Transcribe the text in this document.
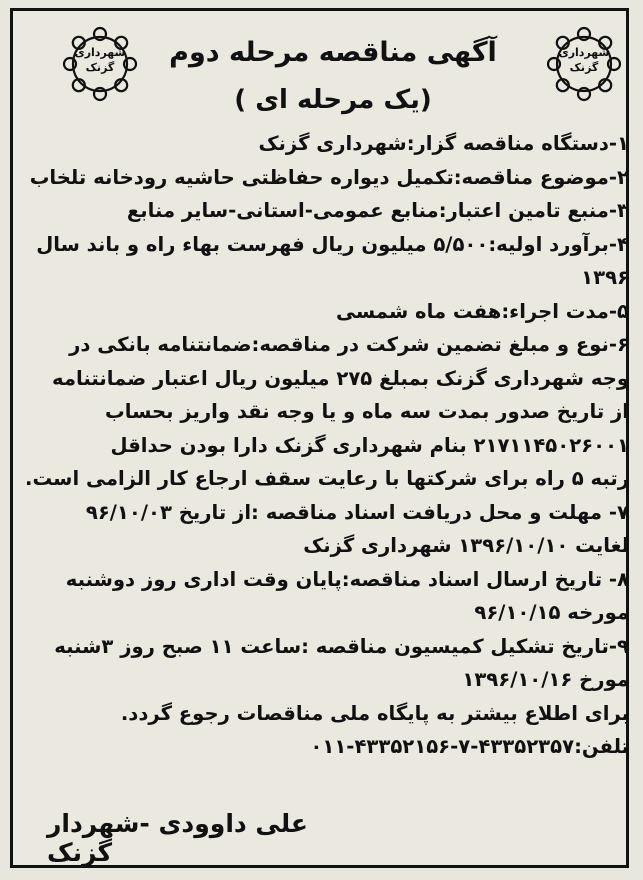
شهرداری
گزنک
شهرداری
گزنک
آگهی مناقصه مرحله دوم
(یک مرحله ای )
۱-دستگاه مناقصه گزار:شهرداری گزنک
۲-موضوع مناقصه:تکمیل دیواره حفاظتی حاشیه رودخانه تلخاب
۳-منبع تامین اعتبار:منابع عمومی-استانی-سایر منابع
۴-برآورد اولیه:۵/۵۰۰ میلیون ریال فهرست بهاء راه و باند سال
۱۳۹۶
۵-مدت اجراء:هفت ماه شمسی
۶-نوع و مبلغ تضمین شرکت در مناقصه:ضمانتنامه بانکی در
وجه شهرداری گزنک بمبلغ ۲۷۵ میلیون ریال اعتبار ضمانتنامه
از تاریخ صدور بمدت سه ماه و یا وجه نقد واریز بحساب
۲۱۷۱۱۴۵۰۲۶۰۰۱ بنام شهرداری گزنک دارا بودن حداقل
رتبه ۵ راه برای شرکتها با رعایت سقف ارجاع کار الزامی است.
۷- مهلت و محل دریافت اسناد مناقصه :از تاریخ ۹۶/۱۰/۰۳
لغایت ۱۳۹۶/۱۰/۱۰ شهرداری گزنک
۸- تاریخ ارسال اسناد مناقصه:پایان وقت اداری روز دوشنبه
مورخه ۹۶/۱۰/۱۵
۹-تاریخ تشکیل کمیسیون مناقصه :ساعت ۱۱ صبح روز ۳شنبه
مورخ ۱۳۹۶/۱۰/۱۶
برای اطلاع بیشتر به پایگاه ملی مناقصات رجوع گردد.
تلفن:۴۳۳۵۲۳۵۷-۷-۴۳۳۵۲۱۵۶-۰۱۱
علی داوودی -شهردار گزنک
